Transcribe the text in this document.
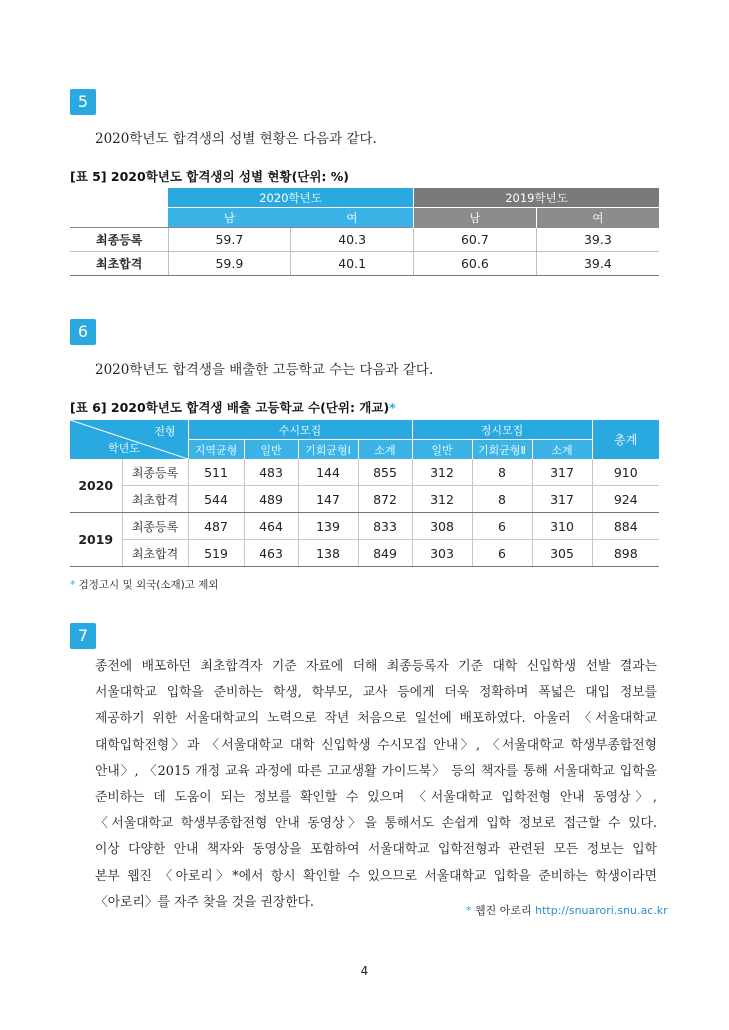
5
2020학년도 합격생의 성별 현황은 다음과 같다.
[표 5] 2020학년도 합격생의 성별 현황(단위: %)
	2020학년도		2019학년도	
	남	여	남	여
최종등록	59.7	40.3	60.7	39.3
최초합격	59.9	40.1	60.6	39.4
6
2020학년도 합격생을 배출한 고등학교 수는 다음과 같다.
[표 6] 2020학년도 합격생 배출 고등학교 수(단위: 개교)*
전형
학년도		수시모집				정시모집			총계
		지역균형	일반	기회균형Ⅰ	소계	일반	기회균형Ⅱ	소계	
2020	최종등록	511	483	144	855	312	8	317	910
	최초합격	544	489	147	872	312	8	317	924
2019	최종등록	487	464	139	833	308	6	310	884
	최초합격	519	463	138	849	303	6	305	898
* 검정고시 및 외국(소재)고 제외
7
종전에 배포하던 최초합격자 기준 자료에 더해 최종등록자 기준 대학 신입학생 선발 결과는
서울대학교 입학을 준비하는 학생, 학부모, 교사 등에게 더욱 정확하며 폭넓은 대입 정보를
제공하기 위한 서울대학교의 노력으로 작년 처음으로 일선에 배포하였다. 아울러 〈서울대학교
대학입학전형〉과 〈서울대학교 대학 신입학생 수시모집 안내〉, 〈서울대학교 학생부종합전형
안내〉, 〈2015 개정 교육 과정에 따른 고교생활 가이드북〉 등의 책자를 통해 서울대학교 입학을
준비하는 데 도움이 되는 정보를 확인할 수 있으며 〈서울대학교 입학전형 안내 동영상〉,
〈서울대학교 학생부종합전형 안내 동영상〉을 통해서도 손쉽게 입학 정보로 접근할 수 있다.
이상 다양한 안내 책자와 동영상을 포함하여 서울대학교 입학전형과 관련된 모든 정보는 입학
본부 웹진 〈아로리〉*에서 항시 확인할 수 있으므로 서울대학교 입학을 준비하는 학생이라면
〈아로리〉를 자주 찾을 것을 권장한다.
* 웹진 아로리 http://snuarori.snu.ac.kr
4
